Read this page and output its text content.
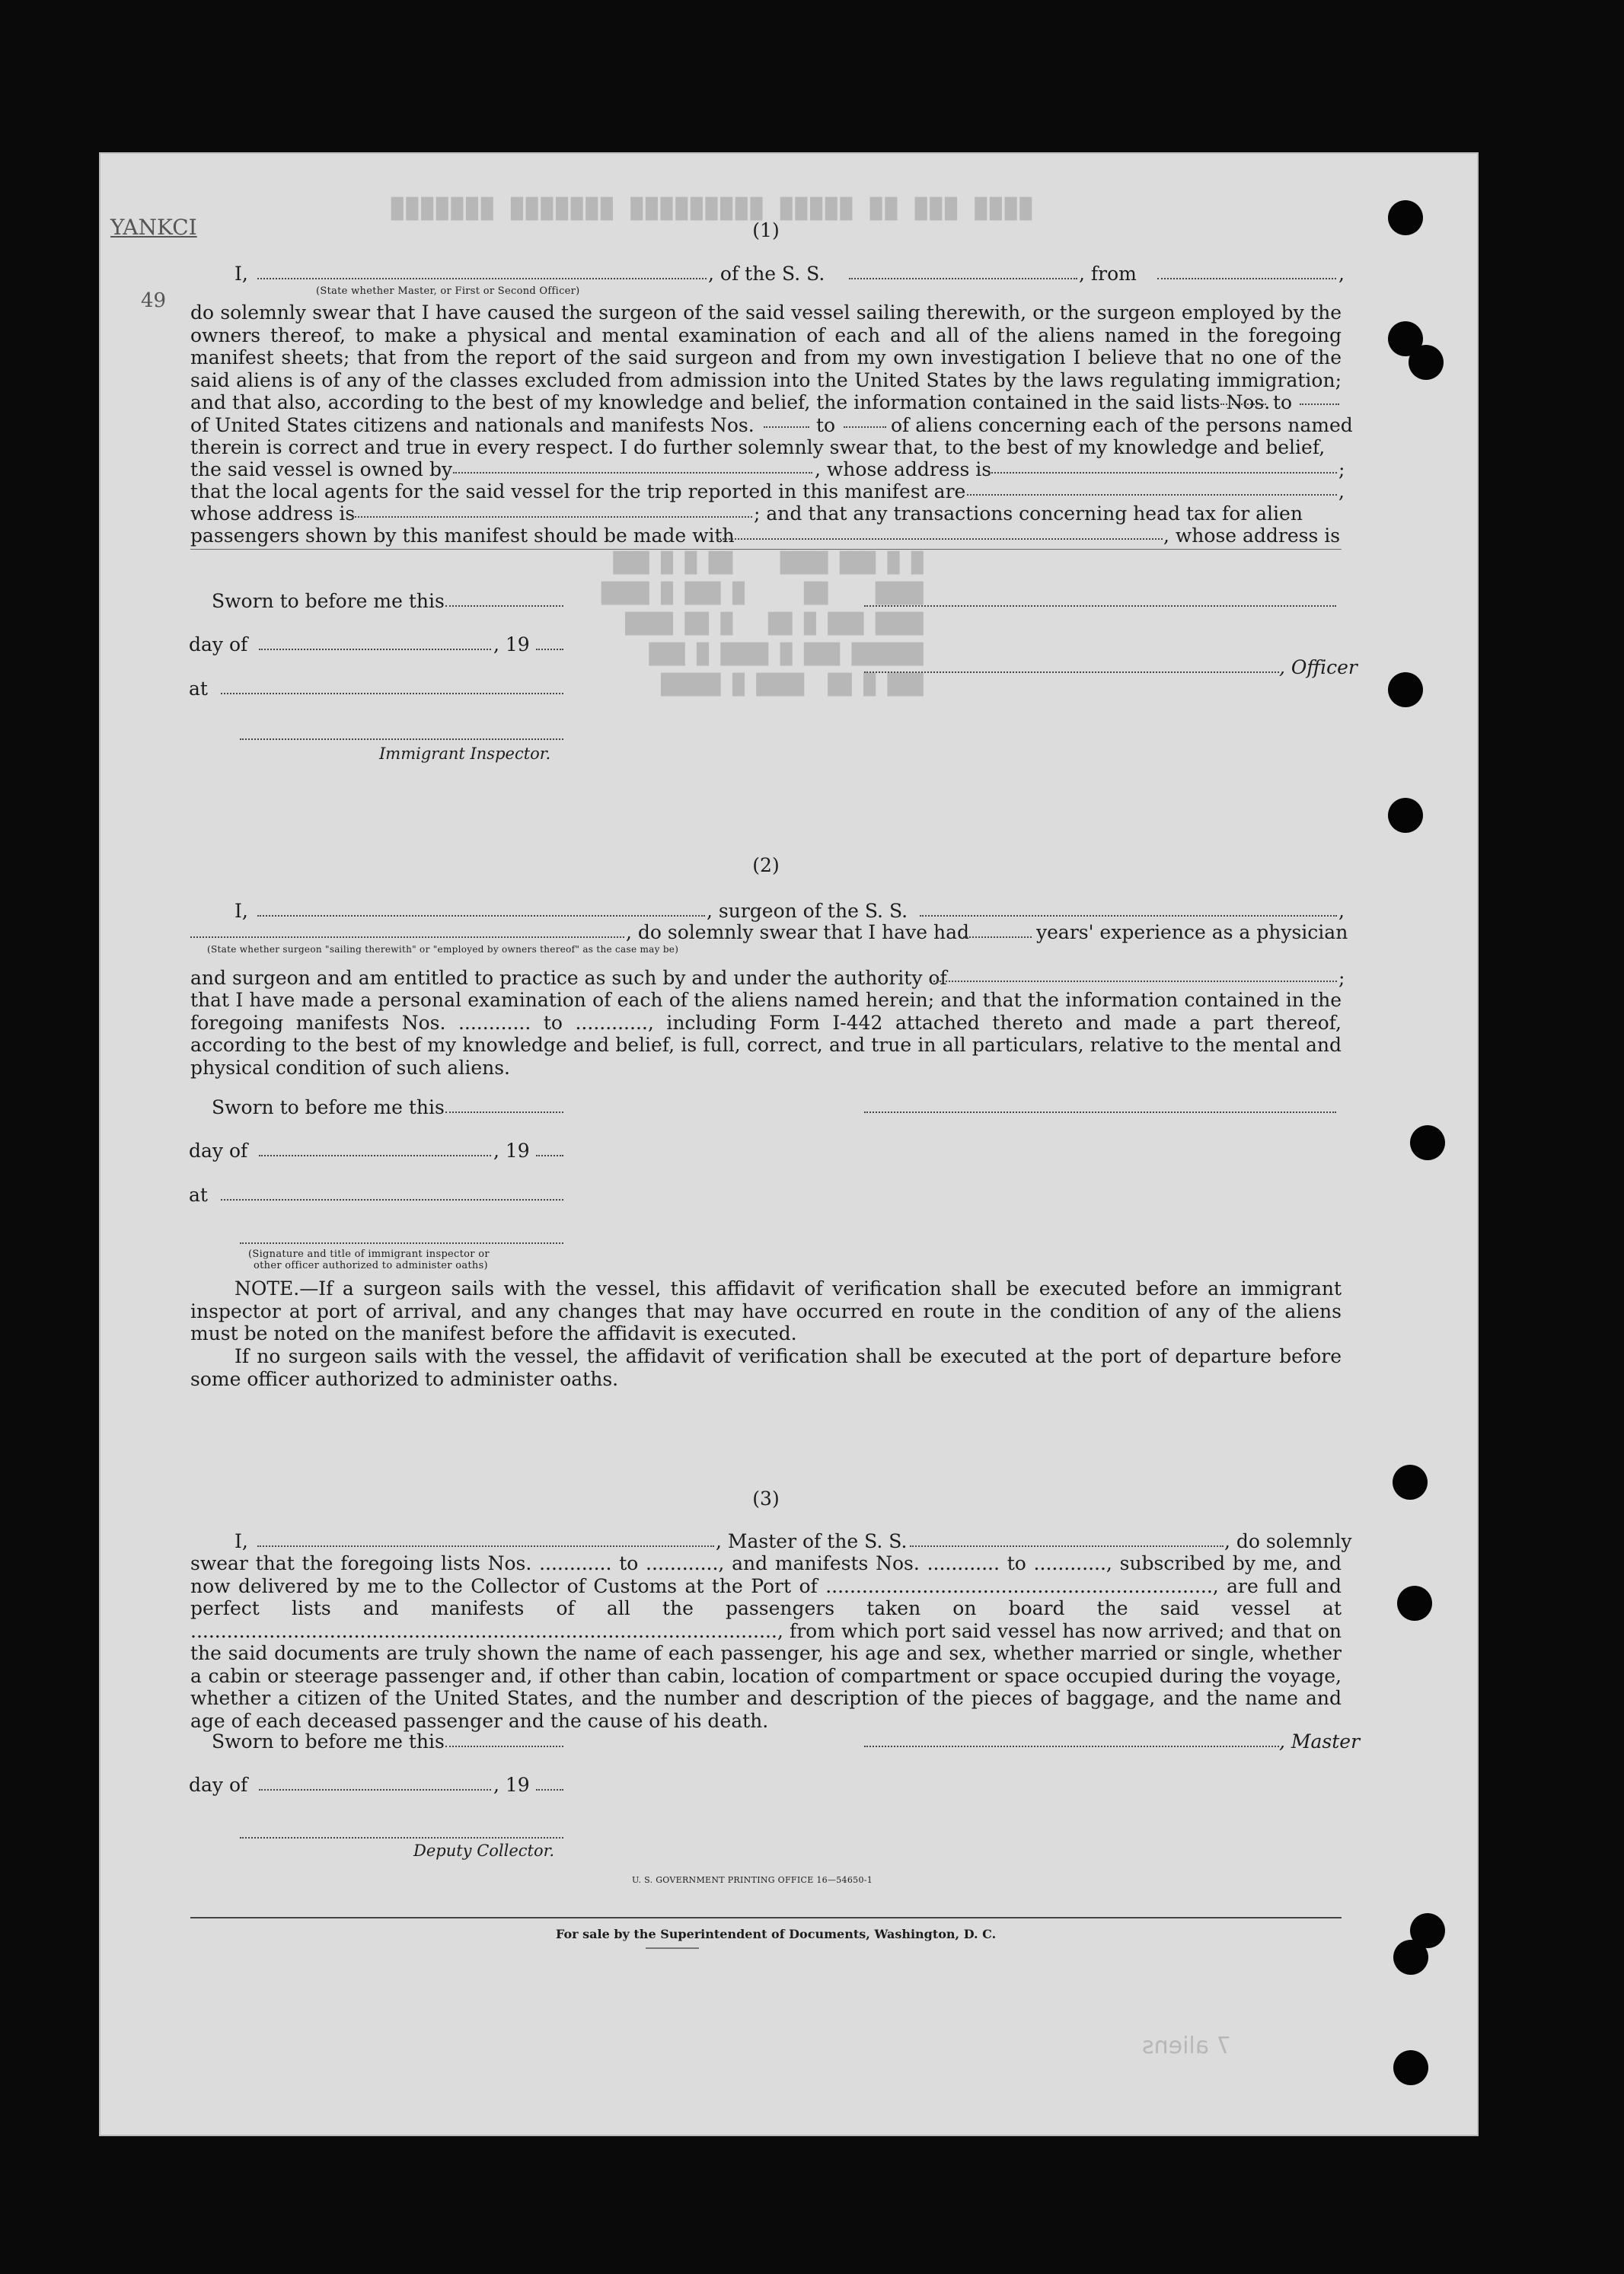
████ ███ ██ █████ █████████ ███████ ███████
█ █ ███ ████    ██ █ █ ███
████    ██     █ ███ █ ████
████ ███ █ ██   █ ██ ████
██████ ███ █ ████ █ ███
███ █ ██  ████ █ █████
7 aliens
YANKCI
49
(1)
I,	, of the S. S.	, from	,
(State whether Master, or First or Second Officer)
do solemnly swear that I have caused the surgeon of the said vessel sailing therewith, or the surgeon employed by the owners thereof, to make a physical and mental examination of each and all of the aliens named in the foregoing manifest sheets; that from the report of the said surgeon and from my own investigation I believe that no one of the said aliens is of any of the classes excluded from admission into the United States by the laws regulating immigration; and that also, according to the best of my knowledge and belief, the information contained in the said lists Nos. to
of United States citizens and nationals and manifests Nos.	to	of aliens concerning each of the persons named
therein is correct and true in every respect. I do further solemnly swear that, to the best of my knowledge and belief,
the said vessel is owned by	, whose address is	;
that the local agents for the said vessel for the trip reported in this manifest are	,
whose address is	; and that any transactions concerning head tax for alien
passengers shown by this manifest should be made with	, whose address is
Sworn to before me this
day of	, 19
, Officer
at
Immigrant Inspector.
(2)
I,	, surgeon of the S. S.	,
, do solemnly swear that I have had	years' experience as a physician
(State whether surgeon "sailing therewith" or "employed by owners thereof" as the case may be)
and surgeon and am entitled to practice as such by and under the authority of	;
that I have made a personal examination of each of the aliens named herein; and that the information contained in the foregoing manifests Nos. ............ to ............, including Form I-442 attached thereto and made a part thereof, according to the best of my knowledge and belief, is full, correct, and true in all particulars, relative to the mental and physical condition of such aliens.
Sworn to before me this
day of	, 19
at
(Signature and title of immigrant inspector or
other officer authorized to administer oaths)
NOTE.—If a surgeon sails with the vessel, this affidavit of verification shall be executed before an immigrant inspector at port of arrival, and any changes that may have occurred en route in the condition of any of the aliens must be noted on the manifest before the affidavit is executed.
If no surgeon sails with the vessel, the affidavit of verification shall be executed at the port of departure before some officer authorized to administer oaths.
(3)
I,	, Master of the S. S.	, do solemnly
swear that the foregoing lists Nos. ............ to ............, and manifests Nos. ............ to ............, subscribed by me, and now delivered by me to the Collector of Customs at the Port of ................................................................, are full and perfect lists and manifests of all the passengers taken on board the said vessel at ................................................................................................., from which port said vessel has now arrived; and that on the said documents are truly shown the name of each passenger, his age and sex, whether married or single, whether a cabin or steerage passenger and, if other than cabin, location of compartment or space occupied during the voyage, whether a citizen of the United States, and the number and description of the pieces of baggage, and the name and age of each deceased passenger and the cause of his death.
Sworn to before me this	, Master
day of	, 19
Deputy Collector.
U. S. GOVERNMENT PRINTING OFFICE 16—54650-1
For sale by the Superintendent of Documents, Washington, D. C.
